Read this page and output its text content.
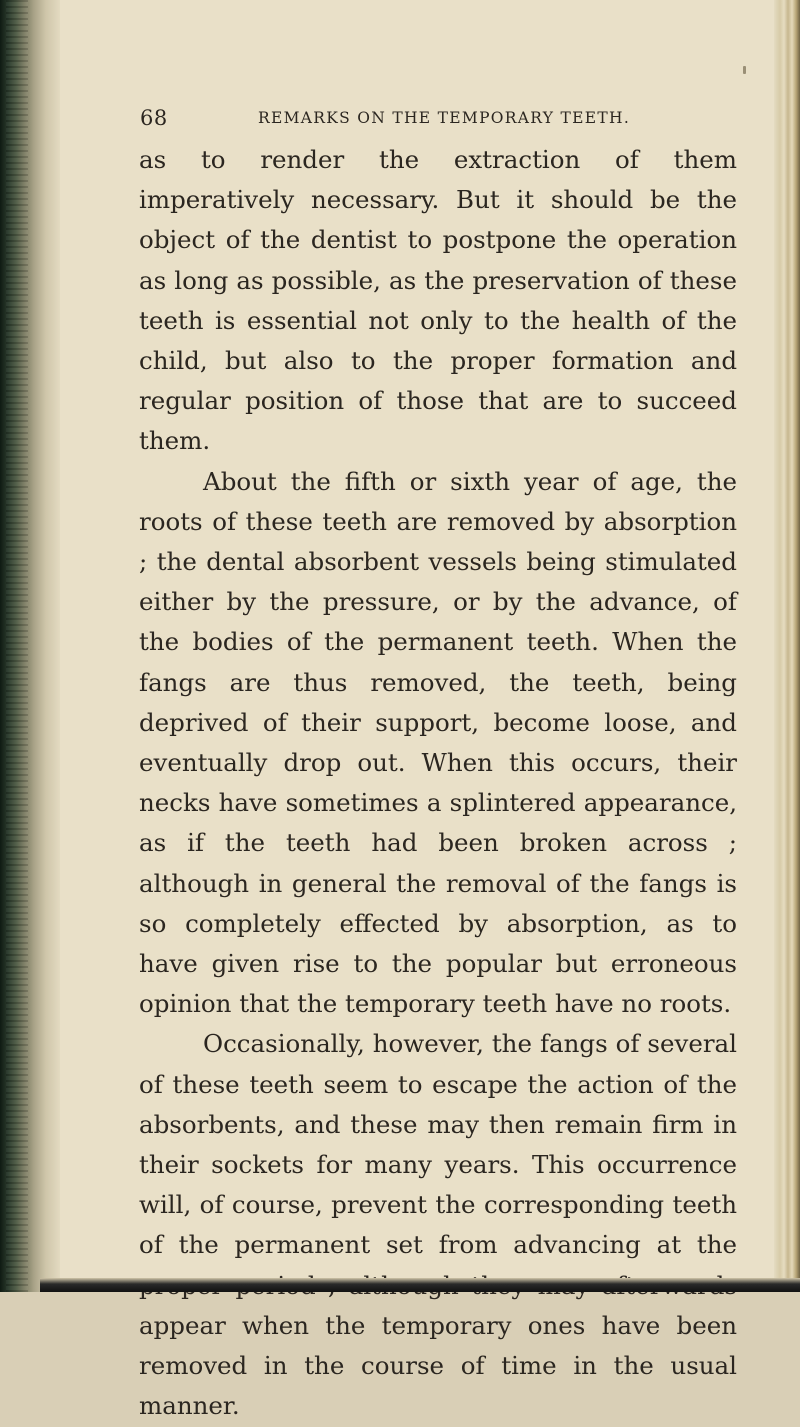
68	REMARKS ON THE TEMPORARY TEETH.

as to render the extraction of them imperatively necessary. But it should be the object of the dentist to postpone the operation as long as possible, as the preservation of these teeth is essential not only to the health of the child, but also to the proper formation and regular position of those that are to succeed them.

About the fifth or sixth year of age, the roots of these teeth are removed by absorption ; the dental absorbent vessels being stimulated either by the pressure, or by the advance, of the bodies of the permanent teeth. When the fangs are thus removed, the teeth, being deprived of their support, become loose, and eventually drop out. When this occurs, their necks have sometimes a splintered appearance, as if the teeth had been broken across ; although in general the removal of the fangs is so completely effected by absorption, as to have given rise to the popular but erroneous opinion that the temporary teeth have no roots.

Occasionally, however, the fangs of several of these teeth seem to escape the action of the absorbents, and these may then remain firm in their sockets for many years. This occurrence will, of course, prevent the corresponding teeth of the permanent set from advancing at the appear when the temporary ones have been removed in the course of time in the usual manner.
